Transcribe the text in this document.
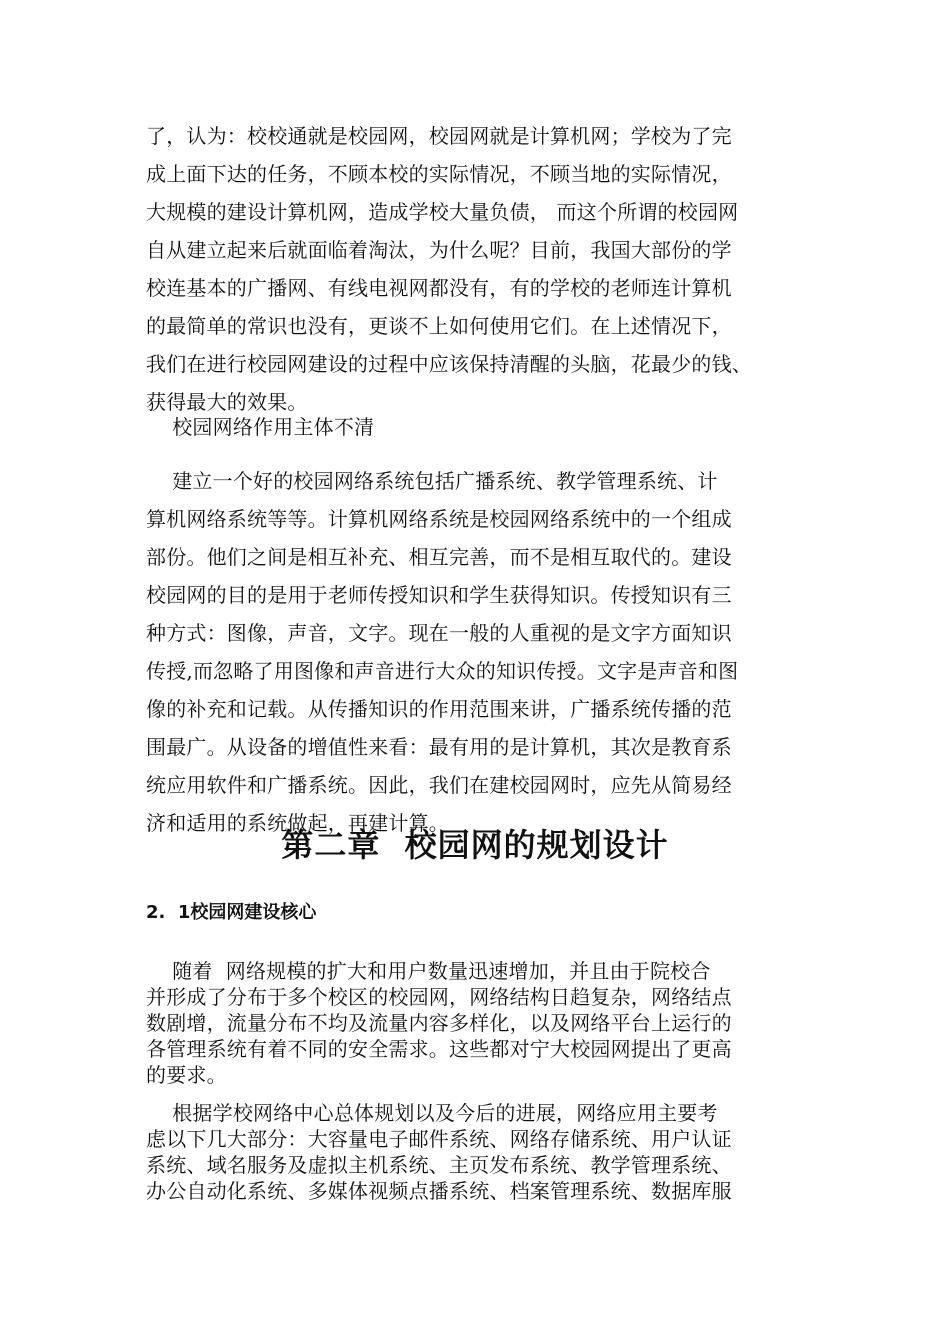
了，认为：校校通就是校园网，校园网就是计算机网；学校为了完
成上面下达的任务，不顾本校的实际情况，不顾当地的实际情况，
大规模的建设计算机网，造成学校大量负债， 而这个所谓的校园网
自从建立起来后就面临着淘汰，为什么呢？目前，我国大部份的学
校连基本的广播网、有线电视网都没有，有的学校的老师连计算机
的最简单的常识也没有，更谈不上如何使用它们。在上述情况下，
我们在进行校园网建设的过程中应该保持清醒的头脑，花最少的钱、
获得最大的效果。
校园网络作用主体不清
建立一个好的校园网络系统包括广播系统、教学管理系统、计
算机网络系统等等。计算机网络系统是校园网络系统中的一个组成
部份。他们之间是相互补充、相互完善，而不是相互取代的。建设
校园网的目的是用于老师传授知识和学生获得知识。传授知识有三
种方式：图像，声音，文字。现在一般的人重视的是文字方面知识
传授,而忽略了用图像和声音进行大众的知识传授。文字是声音和图
像的补充和记载。从传播知识的作用范围来讲，广播系统传播的范
围最广。从设备的增值性来看：最有用的是计算机，其次是教育系
统应用软件和广播系统。因此，我们在建校园网时，应先从简易经
济和适用的系统做起，再建计算。
第二章  校园网的规划设计
2.  1校园网建设核心
随着  网络规模的扩大和用户数量迅速增加，并且由于院校合
并形成了分布于多个校区的校园网，网络结构日趋复杂，网络结点
数剧增，流量分布不均及流量内容多样化，以及网络平台上运行的
各管理系统有着不同的安全需求。这些都对宁大校园网提出了更高
的要求。
根据学校网络中心总体规划以及今后的进展，网络应用主要考
虑以下几大部分：大容量电子邮件系统、网络存储系统、用户认证
系统、域名服务及虚拟主机系统、主页发布系统、教学管理系统、
办公自动化系统、多媒体视频点播系统、档案管理系统、数据库服
